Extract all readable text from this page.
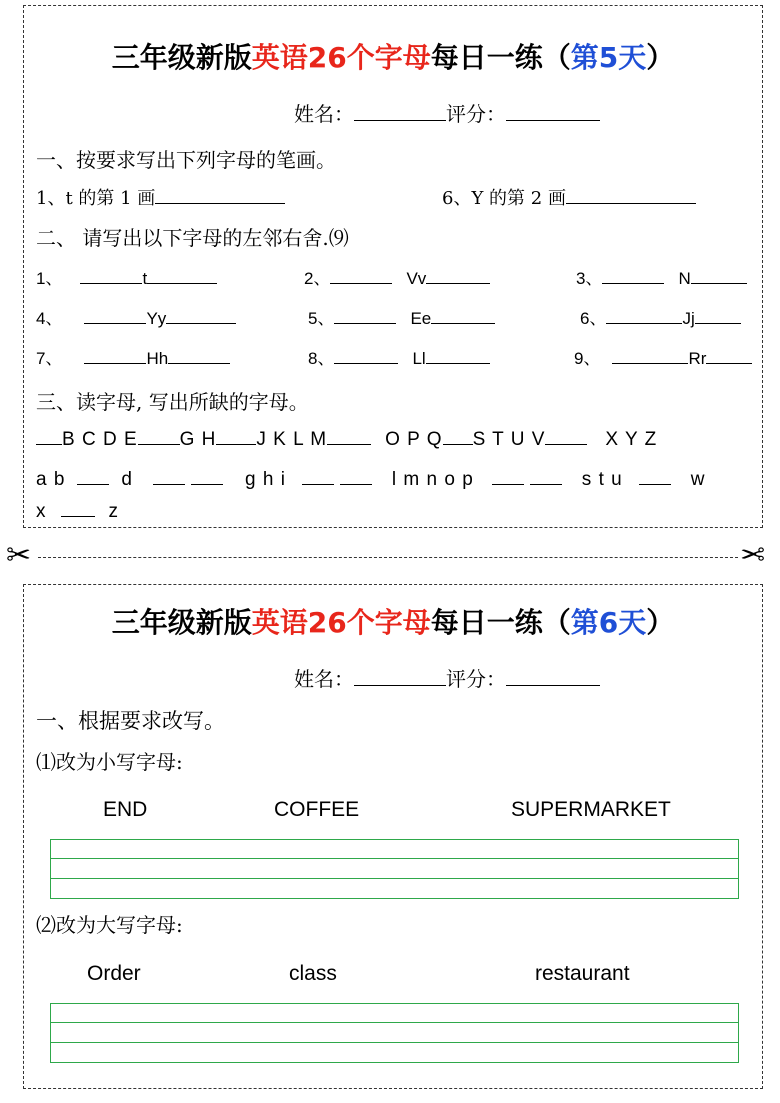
三年级新版英语26个字母每日一练（第5天）
姓名：	评分：
一、按要求写出下列字母的笔画。
1、t 的第 1 画	6、Y 的第 2 画
二、 请写出以下字母的左邻右舍.⑼
1、	t	2、	Vv	3、	N
4、	Yy	5、	Ee	6、	Jj
7、	Hh	8、	Ll	9、	Rr
三、读字母, 写出所缺的字母。
B C D E G H J K L M	O P Q S T U V	X Y Z
a b	d	g h i	l m n o p	s t u	w
x	z
✂	✂
三年级新版英语26个字母每日一练（第6天）
姓名：	评分：
一、根据要求改写。
⑴改为小写字母:
END	COFFEE	SUPERMARKET
⑵改为大写字母:
Order	class	restaurant
